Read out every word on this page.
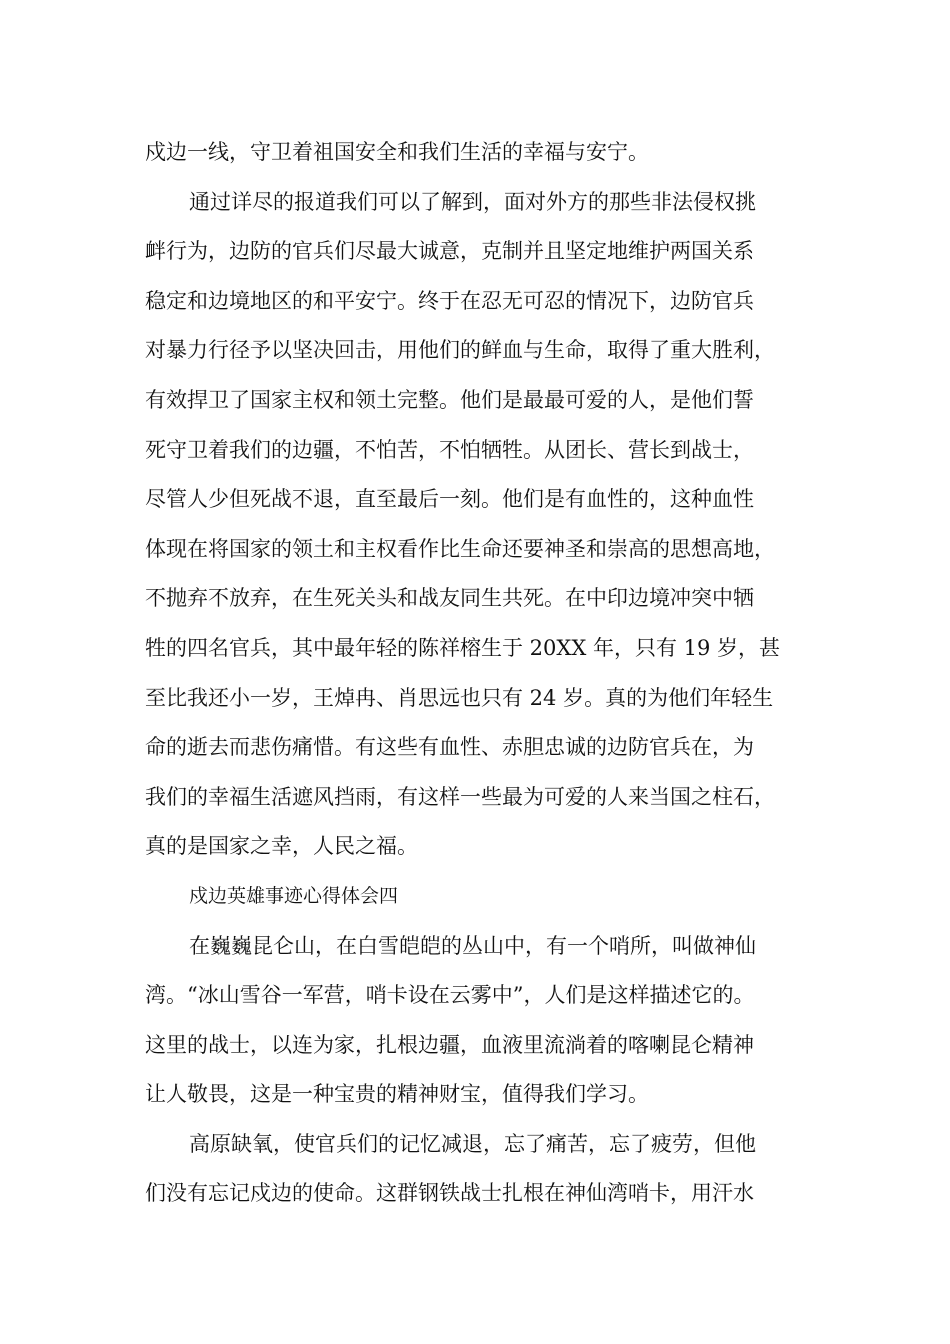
戍边一线，守卫着祖国安全和我们生活的幸福与安宁。
通过详尽的报道我们可以了解到，面对外方的那些非法侵权挑
衅行为，边防的官兵们尽最大诚意，克制并且坚定地维护两国关系
稳定和边境地区的和平安宁。终于在忍无可忍的情况下，边防官兵
对暴力行径予以坚决回击，用他们的鲜血与生命，取得了重大胜利，
有效捍卫了国家主权和领土完整。他们是最最可爱的人，是他们誓
死守卫着我们的边疆，不怕苦，不怕牺牲。从团长、营长到战士，
尽管人少但死战不退，直至最后一刻。他们是有血性的，这种血性
体现在将国家的领土和主权看作比生命还要神圣和崇高的思想高地，
不抛弃不放弃，在生死关头和战友同生共死。在中印边境冲突中牺
牲的四名官兵，其中最年轻的陈祥榕生于 20XX 年，只有 19 岁，甚
至比我还小一岁，王焯冉、肖思远也只有 24 岁。真的为他们年轻生
命的逝去而悲伤痛惜。有这些有血性、赤胆忠诚的边防官兵在，为
我们的幸福生活遮风挡雨，有这样一些最为可爱的人来当国之柱石，
真的是国家之幸，人民之福。
戍边英雄事迹心得体会四
在巍巍昆仑山，在白雪皑皑的丛山中，有一个哨所，叫做神仙
湾。“冰山雪谷一军营，哨卡设在云雾中”，人们是这样描述它的。
这里的战士，以连为家，扎根边疆，血液里流淌着的喀喇昆仑精神
让人敬畏，这是一种宝贵的精神财宝，值得我们学习。
高原缺氧，使官兵们的记忆减退，忘了痛苦，忘了疲劳，但他
们没有忘记戍边的使命。这群钢铁战士扎根在神仙湾哨卡，用汗水
